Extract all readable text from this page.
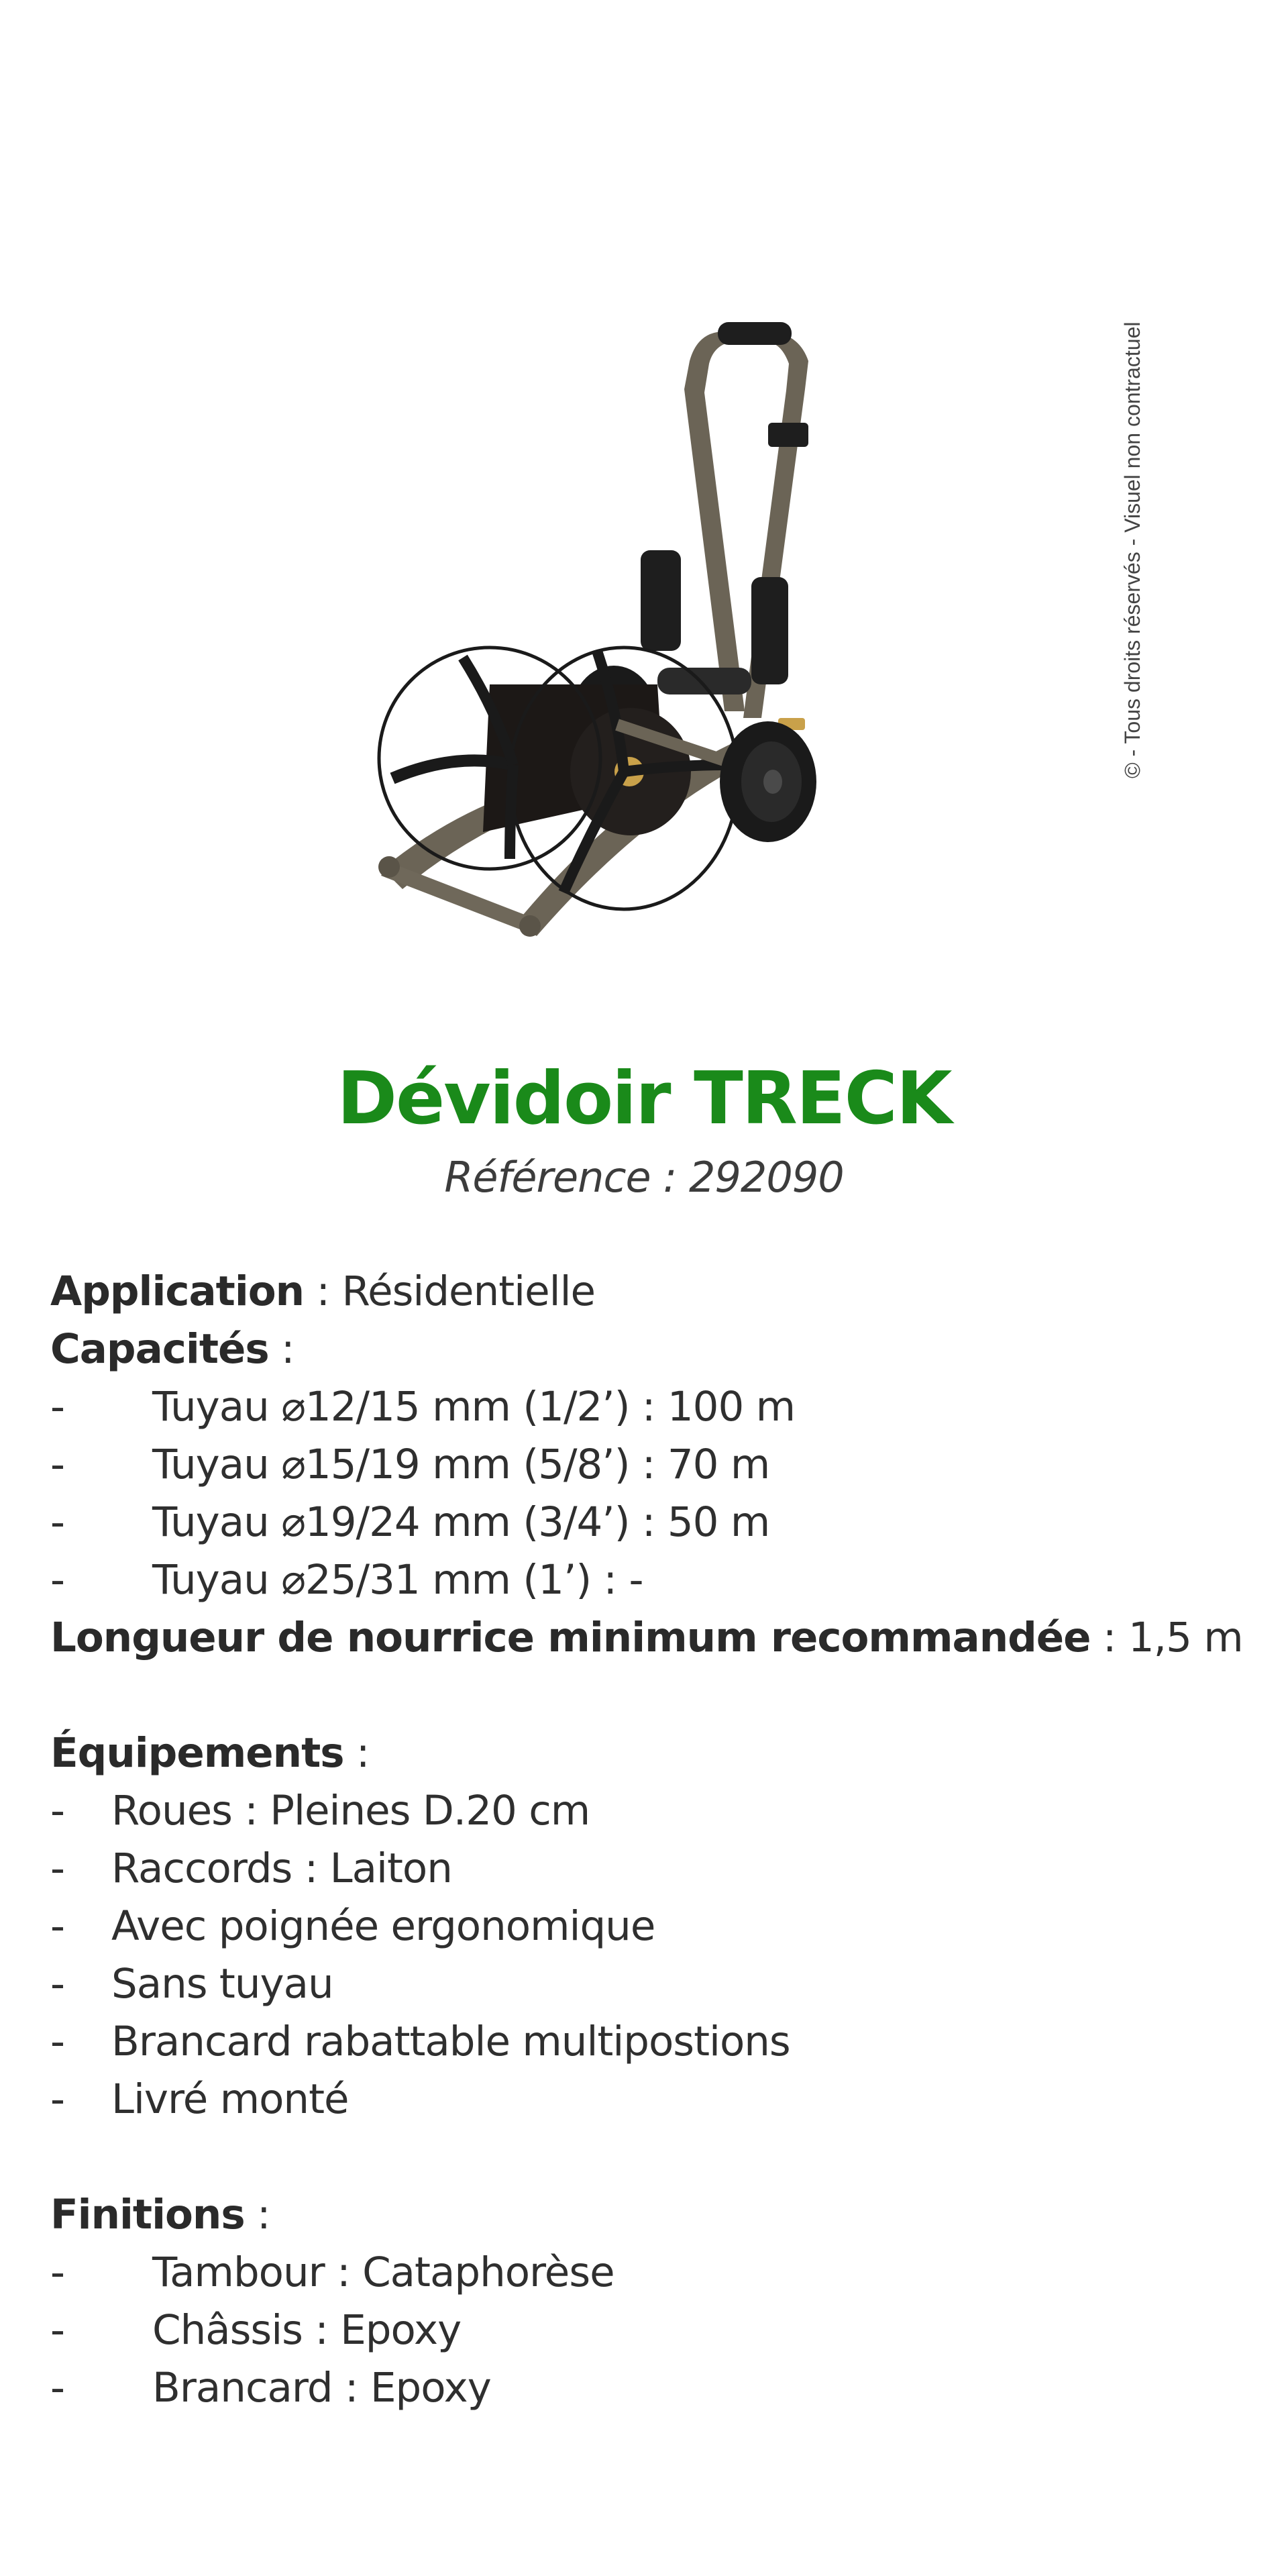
© - Tous droits réservés - Visuel non contractuel
Dévidoir TRECK
Référence : 292090
Application : Résidentielle
Capacités :
- Tuyau ⌀12/15 mm (1/2’) : 100 m
- Tuyau ⌀15/19 mm (5/8’) : 70 m
- Tuyau ⌀19/24 mm (3/4’) : 50 m
- Tuyau ⌀25/31 mm (1’) : -
Longueur de nourrice minimum recommandée : 1,5 m
Équipements :
- Roues : Pleines D.20 cm
- Raccords : Laiton
- Avec poignée ergonomique
- Sans tuyau
- Brancard rabattable multipostions
- Livré monté
Finitions :
- Tambour : Cataphorèse
- Châssis : Epoxy
- Brancard : Epoxy
